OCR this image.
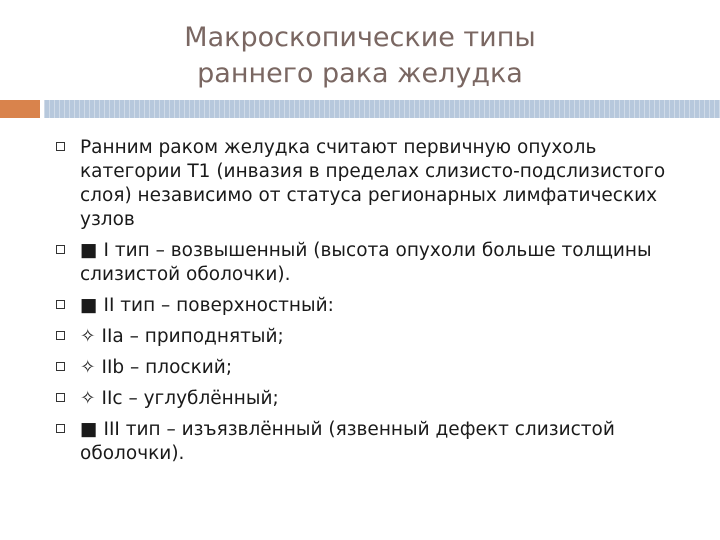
Макроскопические типы
раннего рака желудка
Ранним раком желудка считают первичную опухоль категории Т1 (инвазия в пределах слизисто-подслизистого слоя) независимо от статуса регионарных лимфатических узлов
■ I тип – возвышенный (высота опухоли больше толщины слизистой оболочки).
■ II тип – поверхностный:
✧ IIa – приподнятый;
✧ IIb – плоский;
✧ IIc – углублённый;
■ III тип – изъязвлённый (язвенный дефект слизистой оболочки).
